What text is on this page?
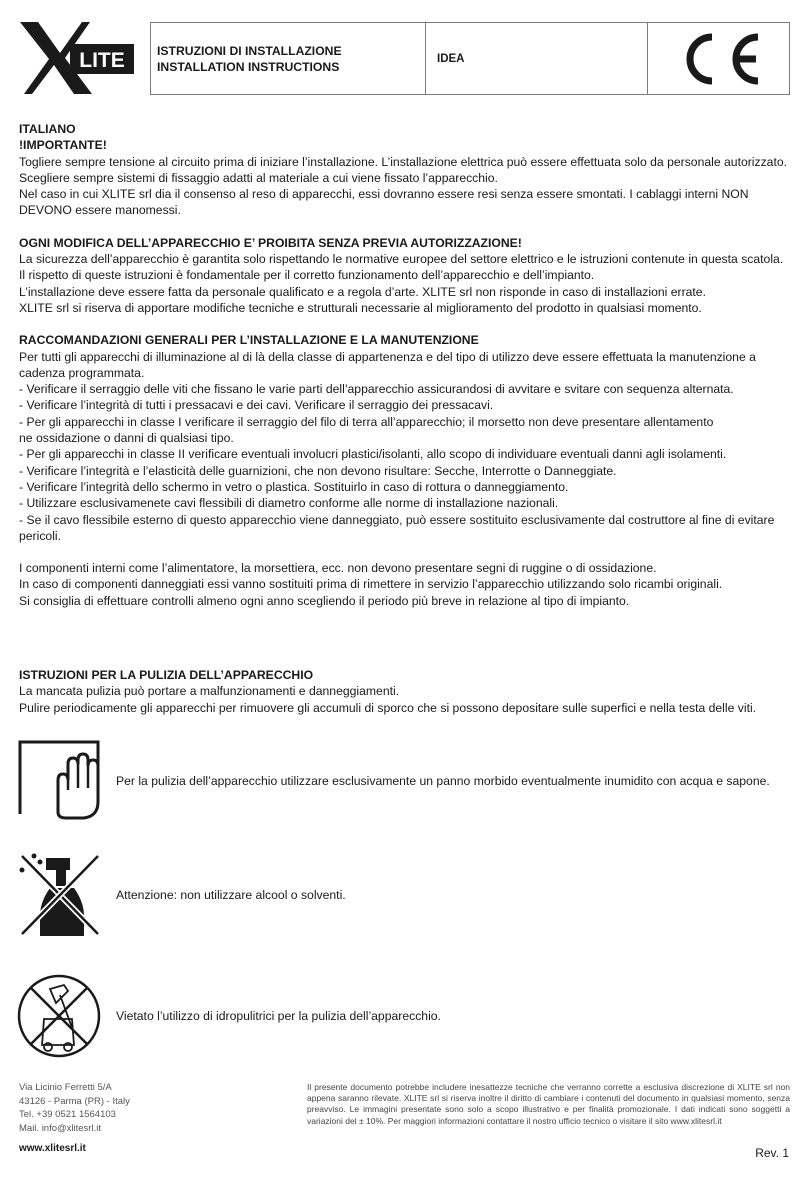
LITE	ISTRUZIONI DI INSTALLAZIONE
INSTALLATION INSTRUCTIONS
IDEA
ITALIANO
!IMPORTANTE!

Togliere sempre tensione al circuito prima di iniziare l’installazione. L’installazione elettrica può essere effettuata solo da personale autorizzato.

Scegliere sempre sistemi di fissaggio adatti al materiale a cui viene fissato l’apparecchio.

Nel caso in cui XLITE srl dia il consenso al reso di apparecchi, essi dovranno essere resi senza essere smontati. I cablaggi interni NON DEVONO essere manomessi.

OGNI MODIFICA DELL’APPARECCHIO E’ PROIBITA SENZA PREVIA AUTORIZZAZIONE!

La sicurezza dell’apparecchio è garantita solo rispettando le normative europee del settore elettrico e le istruzioni contenute in questa scatola.

Il rispetto di queste istruzioni è fondamentale per il corretto funzionamento dell’apparecchio e dell’impianto.

L’installazione deve essere fatta da personale qualificato e a regola d’arte. XLITE srl non risponde in caso di installazioni errate.

XLITE srl si riserva di apportare modifiche tecniche e strutturali necessarie al miglioramento del prodotto in qualsiasi momento.

RACCOMANDAZIONI GENERALI PER L’INSTALLAZIONE E LA MANUTENZIONE

Per tutti gli apparecchi di illuminazione al di là della classe di appartenenza e del tipo di utilizzo deve essere effettuata la manutenzione a cadenza programmata.

- Verificare il serraggio delle viti che fissano le varie parti dell’apparecchio assicurandosi di avvitare e svitare con sequenza alternata.

- Verificare l’integrità di tutti i pressacavi e dei cavi. Verificare il serraggio dei pressacavi.

- Per gli apparecchi in classe I verificare il serraggio del filo di terra all’apparecchio; il morsetto non deve presentare allentamento ne ossidazione o danni di qualsiasi tipo.

- Per gli apparecchi in classe II verificare eventuali involucri plastici/isolanti, allo scopo di individuare eventuali danni agli isolamenti.

- Verificare l’integrità e l’elasticità delle guarnizioni, che non devono risultare: Secche, Interrotte o Danneggiate.

- Verificare l’integrità dello schermo in vetro o plastica. Sostituirlo in caso di rottura o danneggiamento.

- Utilizzare esclusivamenete cavi flessibili di diametro conforme alle norme di installazione nazionali.

- Se il cavo flessibile esterno di questo apparecchio viene danneggiato, può essere sostituito esclusivamente dal costruttore al fine di evitare pericoli.

I componenti interni come l’alimentatore, la morsettiera, ecc. non devono presentare segni di ruggine o di ossidazione.

In caso di componenti danneggiati essi vanno sostituiti prima di rimettere in servizio l’apparecchio utilizzando solo ricambi originali.

Si consiglia di effettuare controlli almeno ogni anno scegliendo il periodo più breve in relazione al tipo di impianto.

ISTRUZIONI PER LA PULIZIA DELL’APPARECCHIO

La mancata pulizia può portare a malfunzionamenti e danneggiamenti.

Pulire periodicamente gli apparecchi per rimuovere gli accumuli di sporco che si possono depositare sulle superfici e nella testa delle viti.

Per la pulizia dell’apparecchio utilizzare esclusivamente un panno morbido eventualmente inumidito con acqua e sapone.
Attenzione: non utilizzare alcool o solventi.
Vietato l’utilizzo di idropulitrici per la pulizia dell’apparecchio.
Via Licinio Ferretti 5/A
43126 - Parma (PR) - Italy
Tel. +39 0521 1564103
Mail. info@xlitesrl.it
www.xlitesrl.it
Il presente documento potrebbe includere inesattezze tecniche che verranno corrette a esclusiva discrezione di XLITE srl non appena saranno rilevate. XLITE srl si riserva inoltre il diritto di cambiare i contenuti del documento in qualsiasi momento, senza preavviso. Le immagini presentate sono solo a scopo illustrativo e per finalità promozionale. I dati indicati sono soggetti a variazioni del ± 10%. Per maggiori informazioni contattare il nostro ufficio tecnico o visitare il sito www.xlitesrl.it
Rev. 1
